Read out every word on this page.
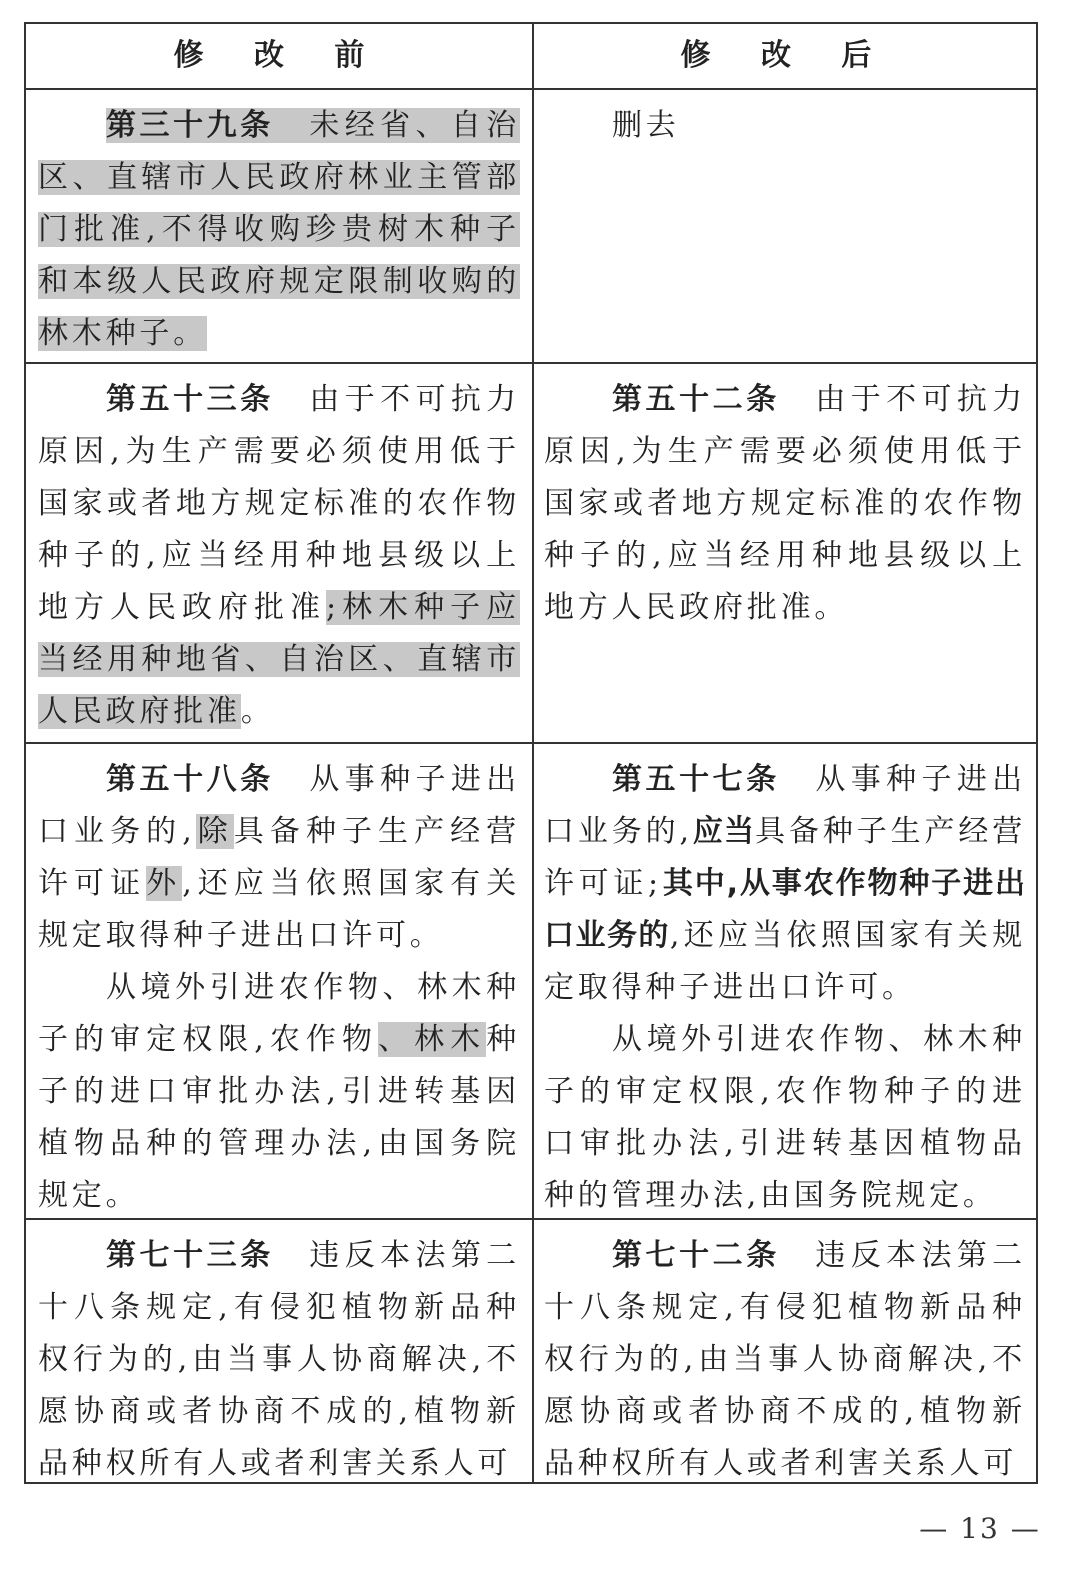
修 改 前	修 改 后

第三十九条 未经省、自治区、直辖市人民政府林业主管部门批准,不得收购珍贵树木种子和本级人民政府规定限制收购的林木种子。

删去

第五十三条 由于不可抗力原因,为生产需要必须使用低于国家或者地方规定标准的农作物种子的,应当经用种地县级以上地方人民政府批准;林木种子应当经用种地省、自治区、直辖市人民政府批准。

第五十二条 由于不可抗力原因,为生产需要必须使用低于国家或者地方规定标准的农作物种子的,应当经用种地县级以上地方人民政府批准。

第五十八条 从事种子进出口业务的,除具备种子生产经营许可证外,还应当依照国家有关规定取得种子进出口许可。

从境外引进农作物、林木种子的审定权限,农作物、林木种子的进口审批办法,引进转基因植物品种的管理办法,由国务院规定。

第五十七条 从事种子进出口业务的,应当具备种子生产经营许可证;其中,从事农作物种子进出口业务的,还应当依照国家有关规定取得种子进出口许可。

从境外引进农作物、林木种子的审定权限,农作物种子的进口审批办法,引进转基因植物品种的管理办法,由国务院规定。

第七十三条 违反本法第二十八条规定,有侵犯植物新品种权行为的,由当事人协商解决,不愿协商或者协商不成的,植物新品种权所有人或者利害关系人可

第七十二条 违反本法第二十八条规定,有侵犯植物新品种权行为的,由当事人协商解决,不愿协商或者协商不成的,植物新品种权所有人或者利害关系人可

— 13 —
